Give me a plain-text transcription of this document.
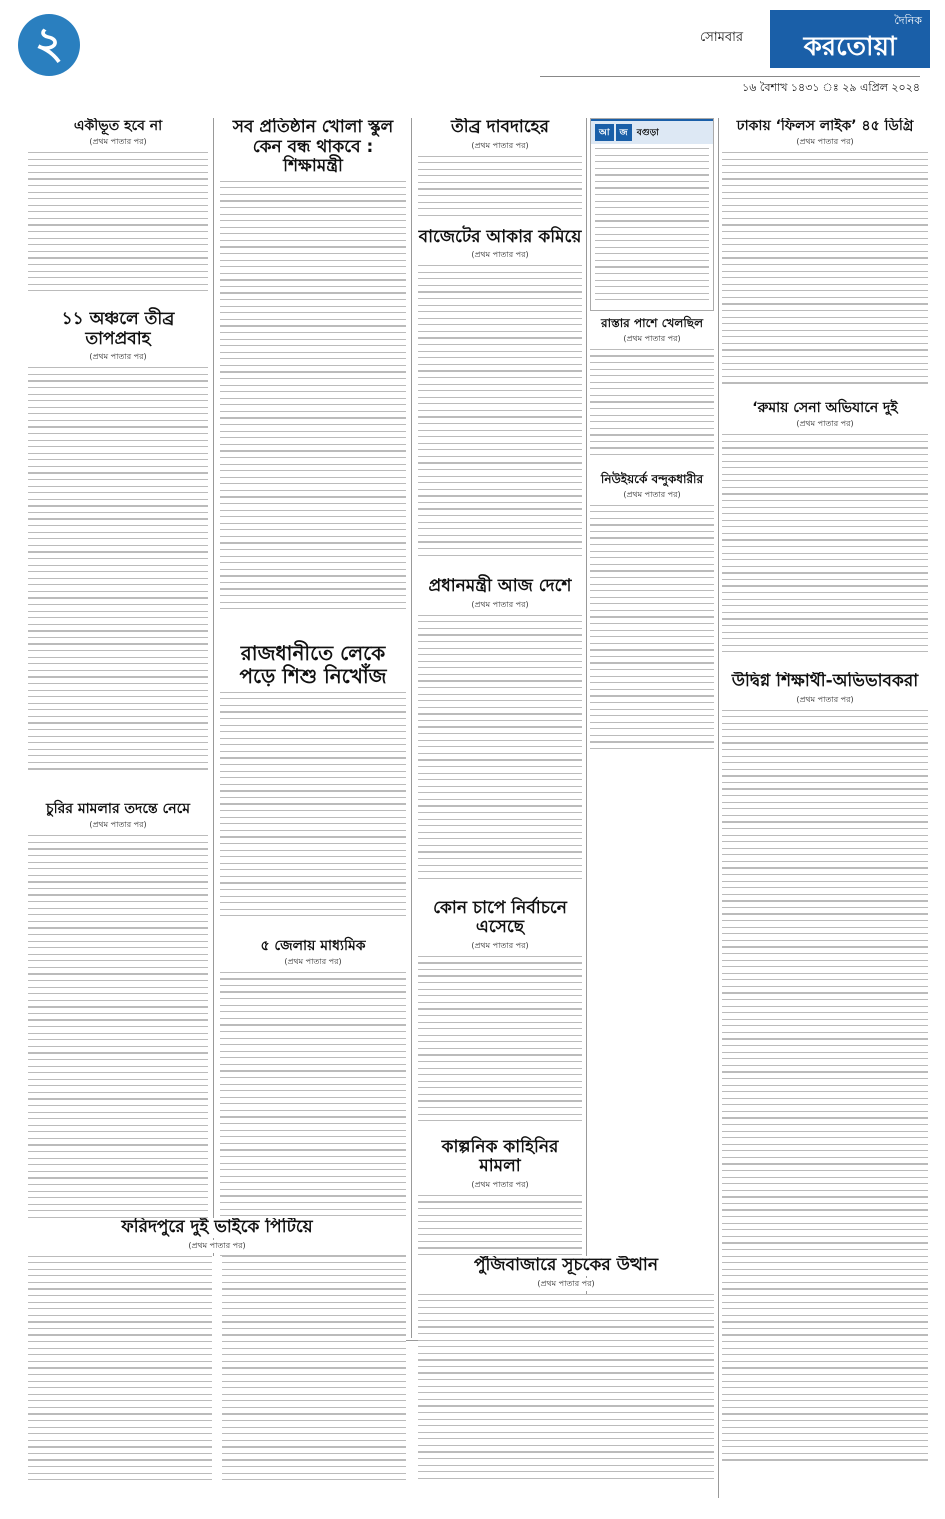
২	সোমবার
দৈনিক
করতোয়া
১৬ বৈশাখ ১৪৩১ ঃ ২৯ এপ্রিল ২০২৪
একীভূত হবে না
(প্রথম পাতার পর)
১১ অঞ্চলে তীব্র তাপপ্রবাহ
(প্রথম পাতার পর)
চুরির মামলার তদন্তে নেমে
(প্রথম পাতার পর)
সব প্রতিষ্ঠান খোলা স্কুল কেন বন্ধ থাকবে : শিক্ষামন্ত্রী
রাজধানীতে লেকে পড়ে শিশু নিখোঁজ
৫ জেলায় মাধ্যমিক
(প্রথম পাতার পর)
তীব্র দাবদাহের
(প্রথম পাতার পর)
বাজেটের আকার কমিয়ে
(প্রথম পাতার পর)
প্রধানমন্ত্রী আজ দেশে
(প্রথম পাতার পর)
কোন চাপে নির্বাচনে এসেছে
(প্রথম পাতার পর)
কাল্পনিক কাহিনির মামলা
(প্রথম পাতার পর)
আ জ বগুড়া
রাস্তার পাশে খেলছিল
(প্রথম পাতার পর)
নিউইয়র্কে বন্দুকধারীর
(প্রথম পাতার পর)
ঢাকায় ‘ফিলস লাইক’ ৪৫ ডিগ্রি
(প্রথম পাতার পর)
‘রুমায় সেনা অভিযানে দুই
(প্রথম পাতার পর)
উদ্বিগ্ন শিক্ষার্থী-অভিভাবকরা
(প্রথম পাতার পর)
ফরিদপুরে দুই ভাইকে পিটিয়ে
(প্রথম পাতার পর)
পুঁজিবাজারে সূচকের উত্থান
(প্রথম পাতার পর)
